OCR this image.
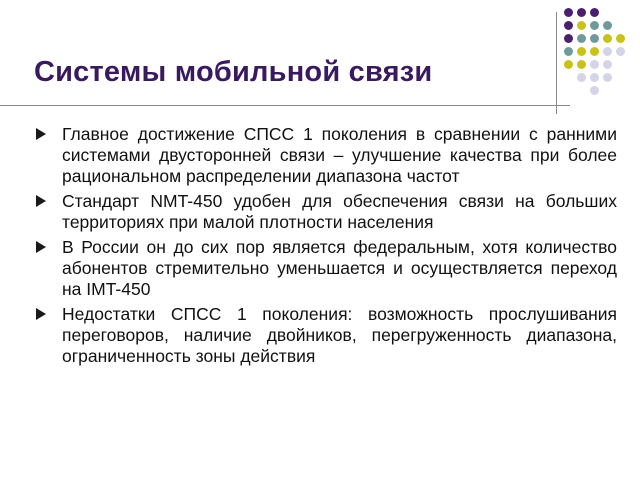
Системы мобильной связи
Главное достижение СПСС 1 поколения в сравнении с ранними системами двусторонней связи – улучшение качества при более рациональном распределении диапазона частот
Стандарт NMT-450 удобен для обеспечения связи на больших территориях при малой плотности населения
В России он до сих пор является федеральным, хотя количество абонентов стремительно уменьшается и осуществляется переход на IMT-450
Недостатки СПСС 1 поколения: возможность прослушивания переговоров, наличие двойников, перегруженность диапазона, ограниченность зоны действия
